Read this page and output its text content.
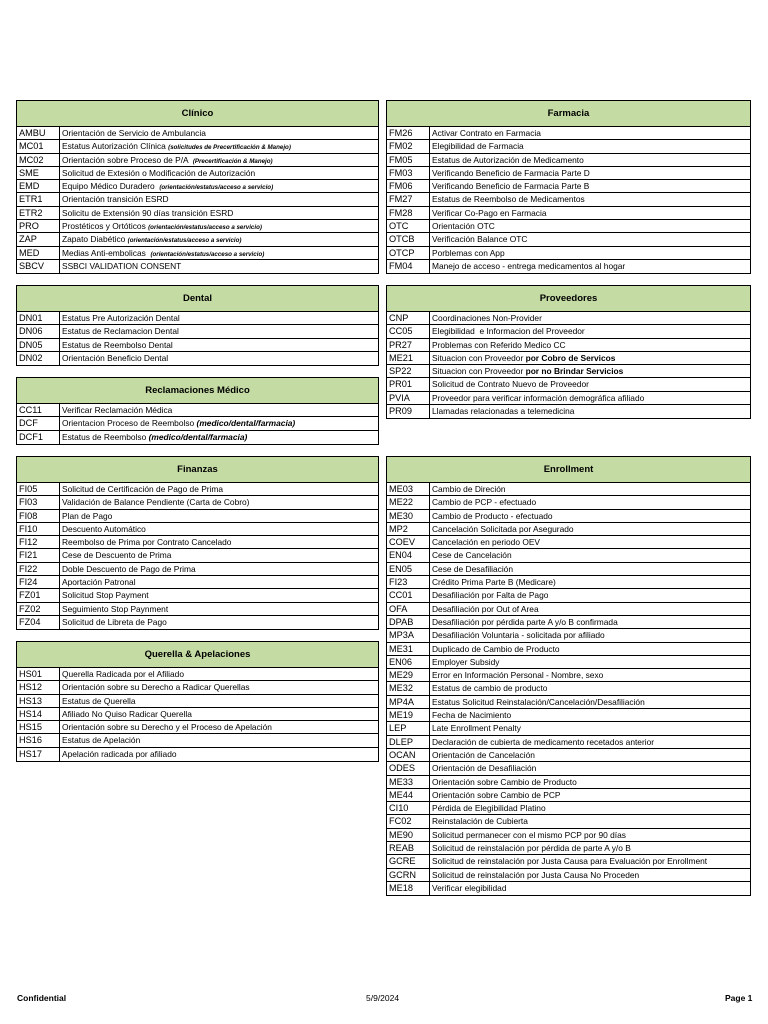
Clínico
AMBU	Orientación de Servicio de Ambulancia
MC01	Estatus Autorización Clínica (solicitudes de Precertificación & Manejo)
MC02	Orientación sobre Proceso de P/A  (Precertificación & Manejo)
SME	Solicitud de Extesión o Modificación de Autorización
EMD	Equipo Médico Duradero  (orientación/estatus/acceso a servicio)
ETR1	Orientación transición ESRD
ETR2	Solicitu de Extensión 90 días transición ESRD
PRO	Prostéticos y Ortóticos (orientación/estatus/acceso a servicio)
ZAP	Zapato Diabético (orientación/estatus/acceso a servicio)
MED	Medias Anti-embolicas  (orientación/estatus/acceso a servicio)
SBCV	SSBCI VALIDATION CONSENT
Farmacia
FM26	Activar Contrato en Farmacia
FM02	Elegibilidad de Farmacia
FM05	Estatus de Autorización de Medicamento
FM03	Verificando Beneficio de Farmacia Parte D
FM06	Verificando Beneficio de Farmacia Parte B
FM27	Estatus de Reembolso de Medicamentos
FM28	Verificar Co-Pago en Farmacia
OTC	Orientación OTC
OTCB	Verificación Balance OTC
OTCP	Porblemas con App
FM04	Manejo de acceso - entrega medicamentos al hogar
Dental
DN01	Estatus Pre Autorización Dental
DN06	Estatus de Reclamacion Dental
DN05	Estatus de Reembolso Dental
DN02	Orientación Beneficio Dental
Proveedores
CNP	Coordinaciones Non-Provider
CC05	Elegibilidad  e Informacion del Proveedor
PR27	Problemas con Referido Medico CC
ME21	Situacion con Proveedor por Cobro de Servicos
SP22	Situacion con Proveedor por no Brindar Servicios
PR01	Solicitud de Contrato Nuevo de Proveedor
PVIA	Proveedor para verificar información demográfica afiliado
PR09	Llamadas relacionadas a telemedicina
Reclamaciones Médico
CC11	Verificar Reclamación Médica
DCF	Orientacion Proceso de Reembolso (medico/dental/farmacia)
DCF1	Estatus de Reembolso (medico/dental/farmacia)
Finanzas
FI05	Solicitud de Certificación de Pago de Prima
FI03	Validación de Balance Pendiente (Carta de Cobro)
FI08	Plan de Pago
FI10	Descuento Automático
FI12	Reembolso de Prima por Contrato Cancelado
FI21	Cese de Descuento de Prima
FI22	Doble Descuento de Pago de Prima
FI24	Aportación Patronal
FZ01	Solicitud Stop Payment
FZ02	Seguimiento Stop Paynment
FZ04	Solicitud de Libreta de Pago
Enrollment
ME03	Cambio de Direción
ME22	Cambio de PCP - efectuado
ME30	Cambio de Producto - efectuado
MP2	Cancelación Solicitada por Asegurado
COEV	Cancelación en periodo OEV
EN04	Cese de Cancelación
EN05	Cese de Desafiliación
FI23	Crédito Prima Parte B (Medicare)
CC01	Desafiliación por Falta de Pago
OFA	Desafiliación por Out of Area
DPAB	Desafiliación por pérdida parte A y/o B confirmada
MP3A	Desafiliación Voluntaria - solicitada por afiliado
ME31	Duplicado de Cambio de Producto
EN06	Employer Subsidy
ME29	Error en Información Personal - Nombre, sexo
ME32	Estatus de cambio de producto
MP4A	Estatus Solicitud Reinstalación/Cancelación/Desafiliación
ME19	Fecha de Nacimiento
LEP	Late Enrollment Penalty
DLEP	Declaración de cubierta de medicamento recetados anterior
OCAN	Orientación de Cancelación
ODES	Orientación de Desafiliación
ME33	Orientación sobre Cambio de Producto
ME44	Orientación sobre Cambio de PCP
CI10	Pérdida de Elegibilidad Platino
FC02	Reinstalación de Cubierta
ME90	Solicitud permanecer con el mismo PCP por 90 días
REAB	Solicitud de reinstalación por pérdida de parte A y/o B
GCRE	Solicitud de reinstalación por Justa Causa para Evaluación por Enrollment
GCRN	Solicitud de reinstalación por Justa Causa No Proceden
ME18	Verificar elegibilidad
Querella & Apelaciones
HS01	Querella Radicada por el Afiliado
HS12	Orientación sobre su Derecho a Radicar Querellas
HS13	Estatus de Querella
HS14	Afiliado No Quiso Radicar Querella
HS15	Orientación sobre su Derecho y el Proceso de Apelación
HS16	Estatus de Apelación
HS17	Apelación radicada por afiliado
Confidential	5/9/2024	Page 1
